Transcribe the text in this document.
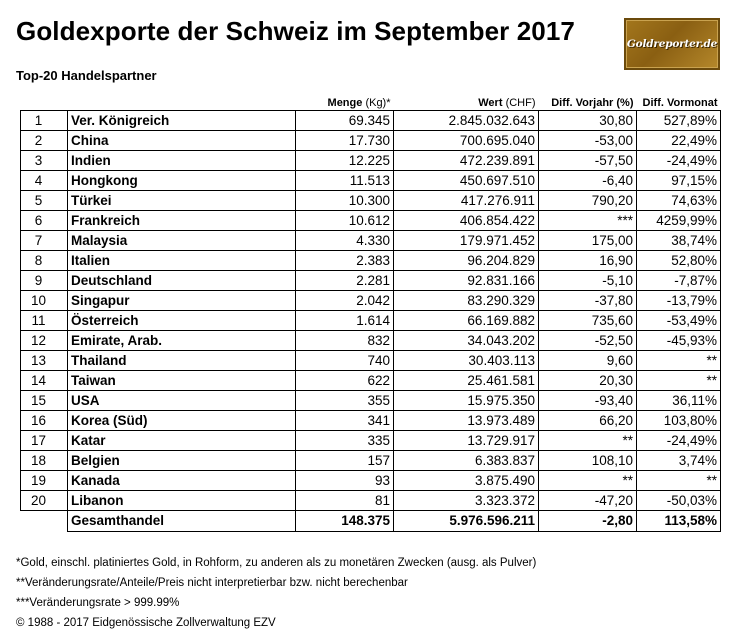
Goldexporte der Schweiz im September 2017	Goldreporter.de
Top-20 Handelspartner
		Menge (Kg)*	Wert (CHF)	Diff. Vorjahr (%)	Diff. Vormonat
1	Ver. Königreich	69.345	2.845.032.643	30,80	527,89%
2	China	17.730	700.695.040	-53,00	22,49%
3	Indien	12.225	472.239.891	-57,50	-24,49%
4	Hongkong	11.513	450.697.510	-6,40	97,15%
5	Türkei	10.300	417.276.911	790,20	74,63%
6	Frankreich	10.612	406.854.422	***	4259,99%
7	Malaysia	4.330	179.971.452	175,00	38,74%
8	Italien	2.383	96.204.829	16,90	52,80%
9	Deutschland	2.281	92.831.166	-5,10	-7,87%
10	Singapur	2.042	83.290.329	-37,80	-13,79%
11	Österreich	1.614	66.169.882	735,60	-53,49%
12	Emirate, Arab.	832	34.043.202	-52,50	-45,93%
13	Thailand	740	30.403.113	9,60	**
14	Taiwan	622	25.461.581	20,30	**
15	USA	355	15.975.350	-93,40	36,11%
16	Korea (Süd)	341	13.973.489	66,20	103,80%
17	Katar	335	13.729.917	**	-24,49%
18	Belgien	157	6.383.837	108,10	3,74%
19	Kanada	93	3.875.490	**	**
20	Libanon	81	3.323.372	-47,20	-50,03%
	Gesamthandel	148.375	5.976.596.211	-2,80	113,58%
*Gold, einschl. platiniertes Gold, in Rohform, zu anderen als zu monetären Zwecken (ausg. als Pulver)
**Veränderungsrate/Anteile/Preis nicht interpretierbar bzw. nicht berechenbar
***Veränderungsrate > 999.99%
© 1988 - 2017 Eidgenössische Zollverwaltung EZV
